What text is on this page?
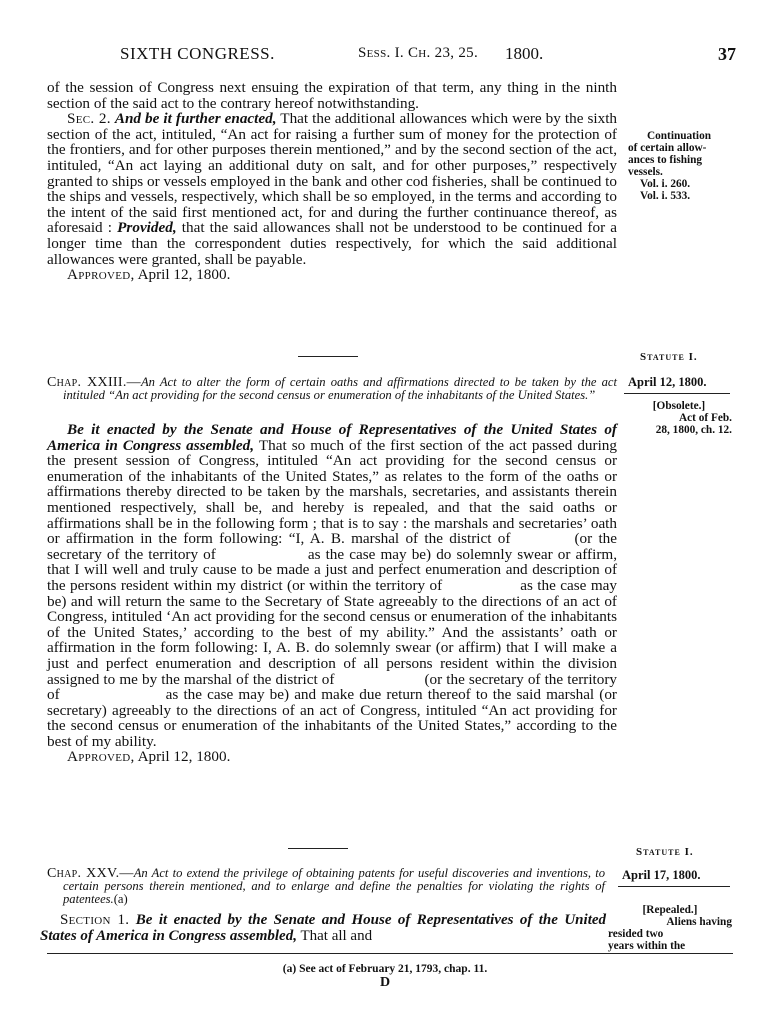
SIXTH CONGRESS.	Sess. I. Ch. 23, 25. 1800.	37

of the session of Congress next ensuing the expiration of that term, any thing in the ninth section of the said act to the contrary hereof notwithstanding.

Sec. 2. And be it further enacted, That the additional allowances which were by the sixth section of the act, intituled, “An act for raising a further sum of money for the protection of the frontiers, and for other purposes therein mentioned,” and by the second section of the act, intituled, “An act laying an additional duty on salt, and for other purposes,” respectively granted to ships or vessels employed in the bank and other cod fisheries, shall be continued to the ships and vessels, respectively, which shall be so employed, in the terms and according to the intent of the said first mentioned act, for and during the further continuance thereof, as aforesaid : Provided, that the said allowances shall not be understood to be continued for a longer time than the correspondent duties respectively, for which the said additional allowances were granted, shall be payable.

Approved, April 12, 1800.

Continuation
of certain allow-
ances to fishing
vessels.
Vol. i. 260.
Vol. i. 533.
Statute I.
April 12, 1800.
[Obsolete.]
Act of Feb.
28, 1800, ch. 12.

Chap. XXIII.—An Act to alter the form of certain oaths and affirmations directed to be taken by the act intituled “An act providing for the second census or enumeration of the inhabitants of the United States.”

Be it enacted by the Senate and House of Representatives of the United States of America in Congress assembled, That so much of the first section of the act passed during the present session of Congress, intituled “An act providing for the second census or enumeration of the inhabitants of the United States,” as relates to the form of the oaths or affirmations thereby directed to be taken by the marshals, secretaries, and assistants therein mentioned respectively, shall be, and hereby is repealed, and that the said oaths or affirmations shall be in the following form ; that is to say : the marshals and secretaries’ oath or affirmation in the form following: “I, A. B. marshal of the district of	(or the secretary of the territory of	as the case may be) do solemnly swear or affirm, that I will well and truly cause to be made a just and perfect enumeration and description of the persons resident within my district (or within the territory of	as the case may be) and will return the same to the Secretary of State agreeably to the directions of an act of Congress, intituled ‘An act providing for the second census or enumeration of the inhabitants of the United States,’ according to the best of my ability.” And the assistants’ oath or affirmation in the form following: I, A. B. do solemnly swear (or affirm) that I will make a just and perfect enumeration and description of all persons resident within the division assigned to me by the marshal of the district of	(or the secretary of the territory of	as the case may be) and make due return thereof to the said marshal (or secretary) agreeably to the directions of an act of Congress, intituled “An act providing for the second census or enumeration of the inhabitants of the United States,” according to the best of my ability.

Approved, April 12, 1800.

Statute I.
April 17, 1800.
[Repealed.]
Aliens having
resided two
years within the

Chap. XXV.—An Act to extend the privilege of obtaining patents for useful discoveries and inventions, to certain persons therein mentioned, and to enlarge and define the penalties for violating the rights of patentees.(a)

Section 1. Be it enacted by the Senate and House of Representatives of the United States of America in Congress assembled, That all and

(a) See act of February 21, 1793, chap. 11.
D
